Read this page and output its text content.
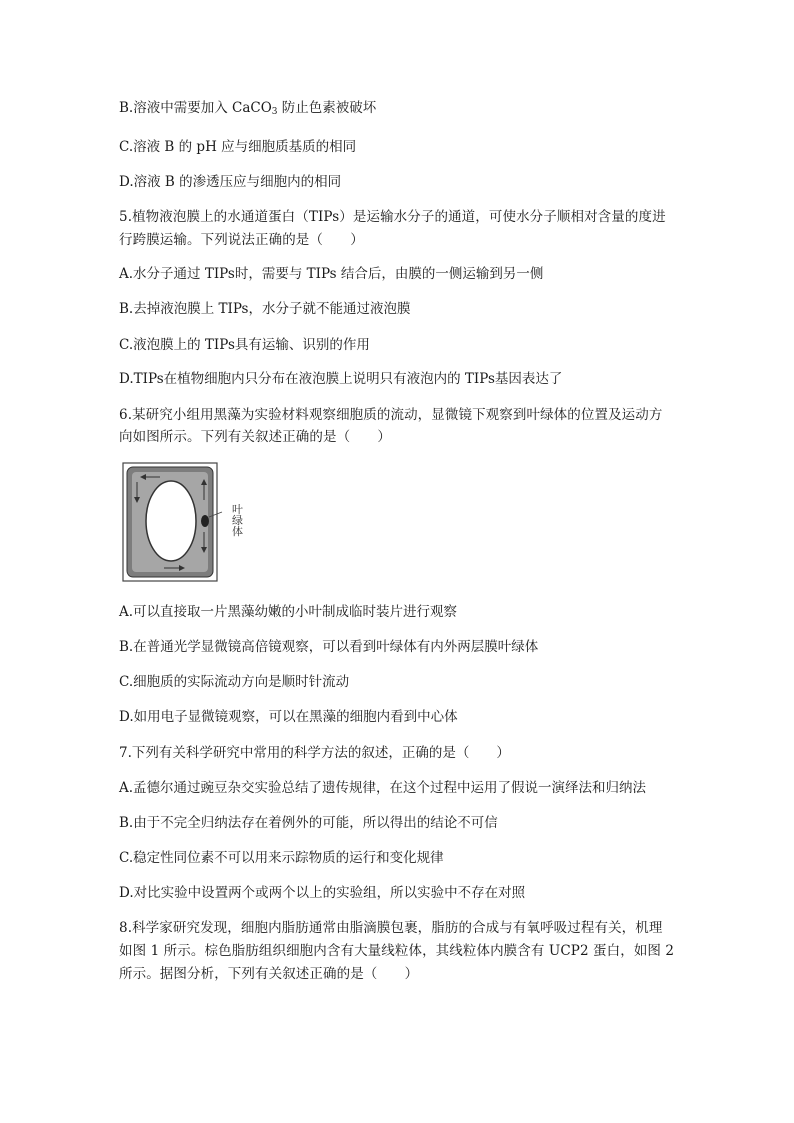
B.溶液中需要加入 CaCO$_3$ 防止色素被破坏
C.溶液 B 的 pH 应与细胞质基质的相同
D.溶液 B 的渗透压应与细胞内的相同
5.植物液泡膜上的水通道蛋白（TIPs）是运输水分子的通道，可使水分子顺相对含量的度进
行跨膜运输。下列说法正确的是（　　）
A.水分子通过 TIPs时，需要与 TIPs 结合后，由膜的一侧运输到另一侧
B.去掉液泡膜上 TIPs，水分子就不能通过液泡膜
C.液泡膜上的 TIPs具有运输、识别的作用
D.TIPs在植物细胞内只分布在液泡膜上说明只有液泡内的 TIPs基因表达了
6.某研究小组用黑藻为实验材料观察细胞质的流动，显微镜下观察到叶绿体的位置及运动方
向如图所示。下列有关叙述正确的是（　　）
叶绿体
A.可以直接取一片黑藻幼嫩的小叶制成临时装片进行观察
B.在普通光学显微镜高倍镜观察，可以看到叶绿体有内外两层膜叶绿体
C.细胞质的实际流动方向是顺时针流动
D.如用电子显微镜观察，可以在黑藻的细胞内看到中心体
7.下列有关科学研究中常用的科学方法的叙述，正确的是（　　）
A.孟德尔通过豌豆杂交实验总结了遗传规律，在这个过程中运用了假说一演绎法和归纳法
B.由于不完全归纳法存在着例外的可能，所以得出的结论不可信
C.稳定性同位素不可以用来示踪物质的运行和变化规律
D.对比实验中设置两个或两个以上的实验组，所以实验中不存在对照
8.科学家研究发现，细胞内脂肪通常由脂滴膜包裹，脂肪的合成与有氧呼吸过程有关，机理
如图 1 所示。棕色脂肪组织细胞内含有大量线粒体，其线粒体内膜含有 UCP2 蛋白，如图 2
所示。据图分析，下列有关叙述正确的是（　　）
